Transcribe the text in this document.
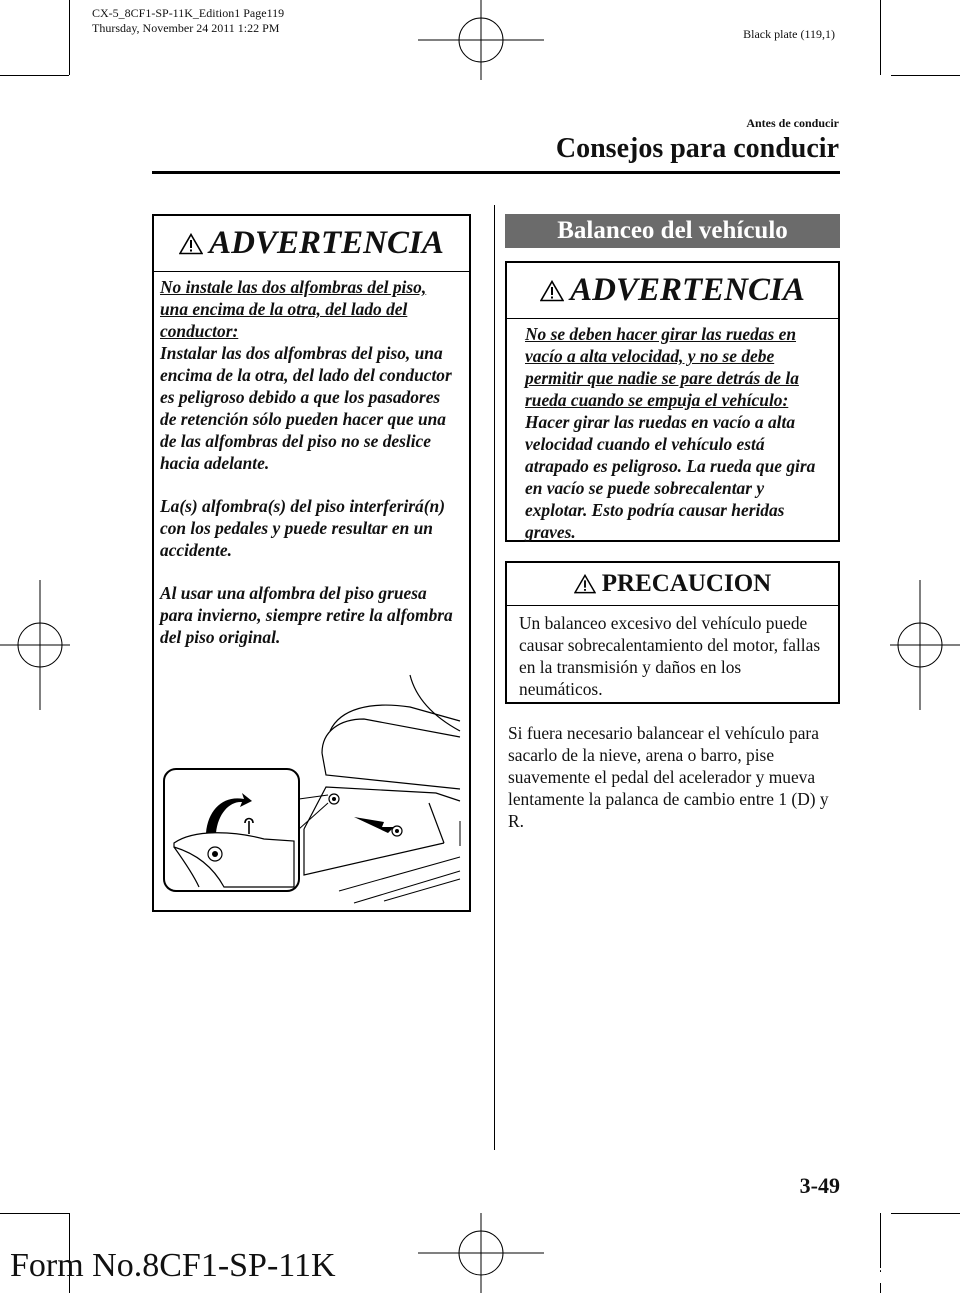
CX-5_8CF1-SP-11K_Edition1 Page119
Thursday, November 24 2011 1:22 PM	Black plate (119,1)
Antes de conducir
Consejos para conducir
ADVERTENCIA
No instale las dos alfombras del piso, una encima de la otra, del lado del conductor:
Instalar las dos alfombras del piso, una encima de la otra, del lado del conductor es peligroso debido a que los pasadores de retención sólo pueden hacer que una de las alfombras del piso no se deslice hacia adelante.
La(s) alfombra(s) del piso interferirá(n) con los pedales y puede resultar en un accidente.
Al usar una alfombra del piso gruesa para invierno, siempre retire la alfombra del piso original.
Balanceo del vehículo
ADVERTENCIA
No se deben hacer girar las ruedas en vacío a alta velocidad, y no se debe permitir que nadie se pare detrás de la rueda cuando se empuja el vehículo:
Hacer girar las ruedas en vacío a alta velocidad cuando el vehículo está atrapado es peligroso. La rueda que gira en vacío se puede sobrecalentar y explotar. Esto podría causar heridas graves.
PRECAUCION
Un balanceo excesivo del vehículo puede causar sobrecalentamiento del motor, fallas en la transmisión y daños en los neumáticos.
Si fuera necesario balancear el vehículo para sacarlo de la nieve, arena o barro, pise suavemente el pedal del acelerador y mueva lentamente la palanca de cambio entre 1 (D) y R.
3-49
Form No.8CF1-SP-11K	carmanualsonline.info
